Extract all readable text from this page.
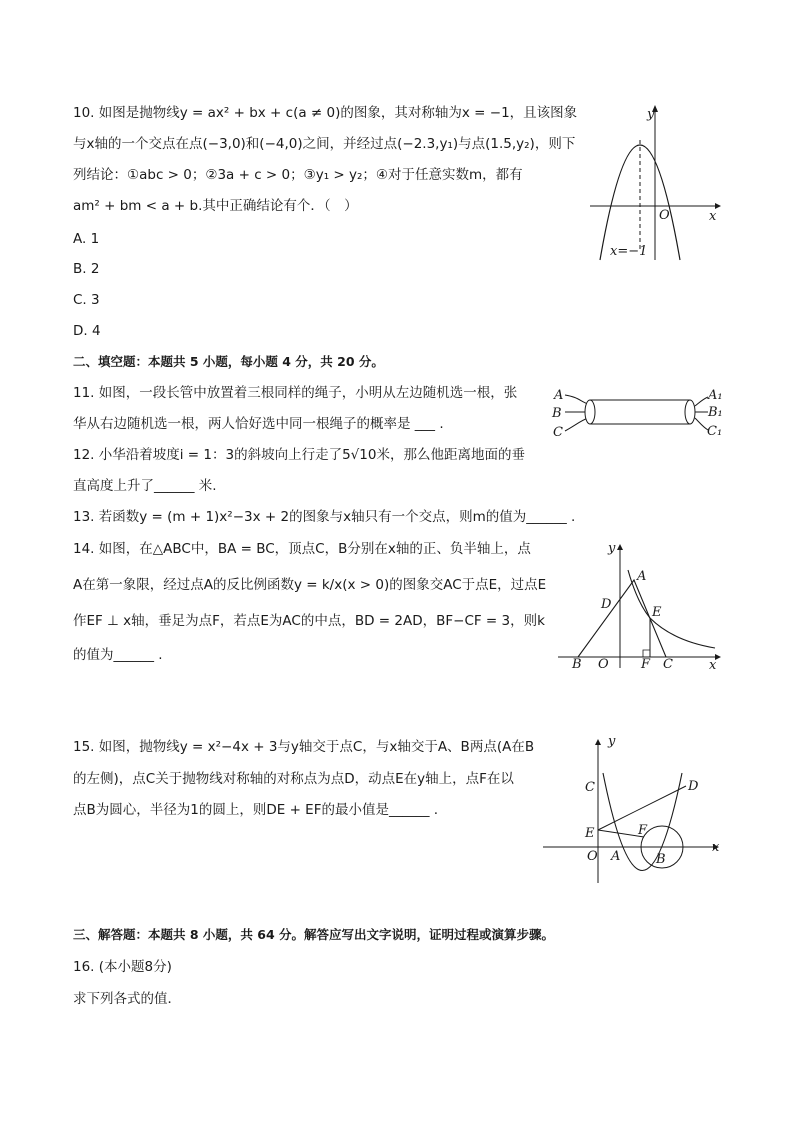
10. 如图是抛物线y = ax² + bx + c(a ≠ 0)的图象，其对称轴为x = −1，且该图象
与x轴的一个交点在点(−3,0)和(−4,0)之间，并经过点(−2.3,y₁)与点(1.5,y₂)，则下
列结论：①abc > 0；②3a + c > 0；③y₁ > y₂；④对于任意实数m，都有
am² + bm < a + b.其中正确结论有个．（　）
A. 1
B. 2
C. 3
D. 4
y
x
O
x=−1
二、填空题：本题共 5 小题，每小题 4 分，共 20 分。
11. 如图，一段长管中放置着三根同样的绳子，小明从左边随机选一根，张
华从右边随机选一根，两人恰好选中同一根绳子的概率是 ___ .
A
B
C
A₁
B₁
C₁
12. 小华沿着坡度i = 1：3的斜坡向上行走了5√10米，那么他距离地面的垂
直高度上升了______ 米.
13. 若函数y = (m + 1)x²−3x + 2的图象与x轴只有一个交点，则m的值为______ .
14. 如图，在△ABC中，BA = BC，顶点C，B分别在x轴的正、负半轴上，点
A在第一象限，经过点A的反比例函数y = k/x(x > 0)的图象交AC于点E，过点E
作EF ⊥ x轴，垂足为点F，若点E为AC的中点，BD = 2AD，BF−CF = 3，则k
的值为______ .
y
x
O
A
B	C
D
E
F
15. 如图，抛物线y = x²−4x + 3与y轴交于点C，与x轴交于A、B两点(A在B
的左侧)，点C关于抛物线对称轴的对称点为点D，动点E在y轴上，点F在以
点B为圆心，半径为1的圆上，则DE + EF的最小值是______ .
y
x
O A	B
C	D
E	F
三、解答题：本题共 8 小题，共 64 分。解答应写出文字说明，证明过程或演算步骤。
16. (本小题8分)
求下列各式的值．
